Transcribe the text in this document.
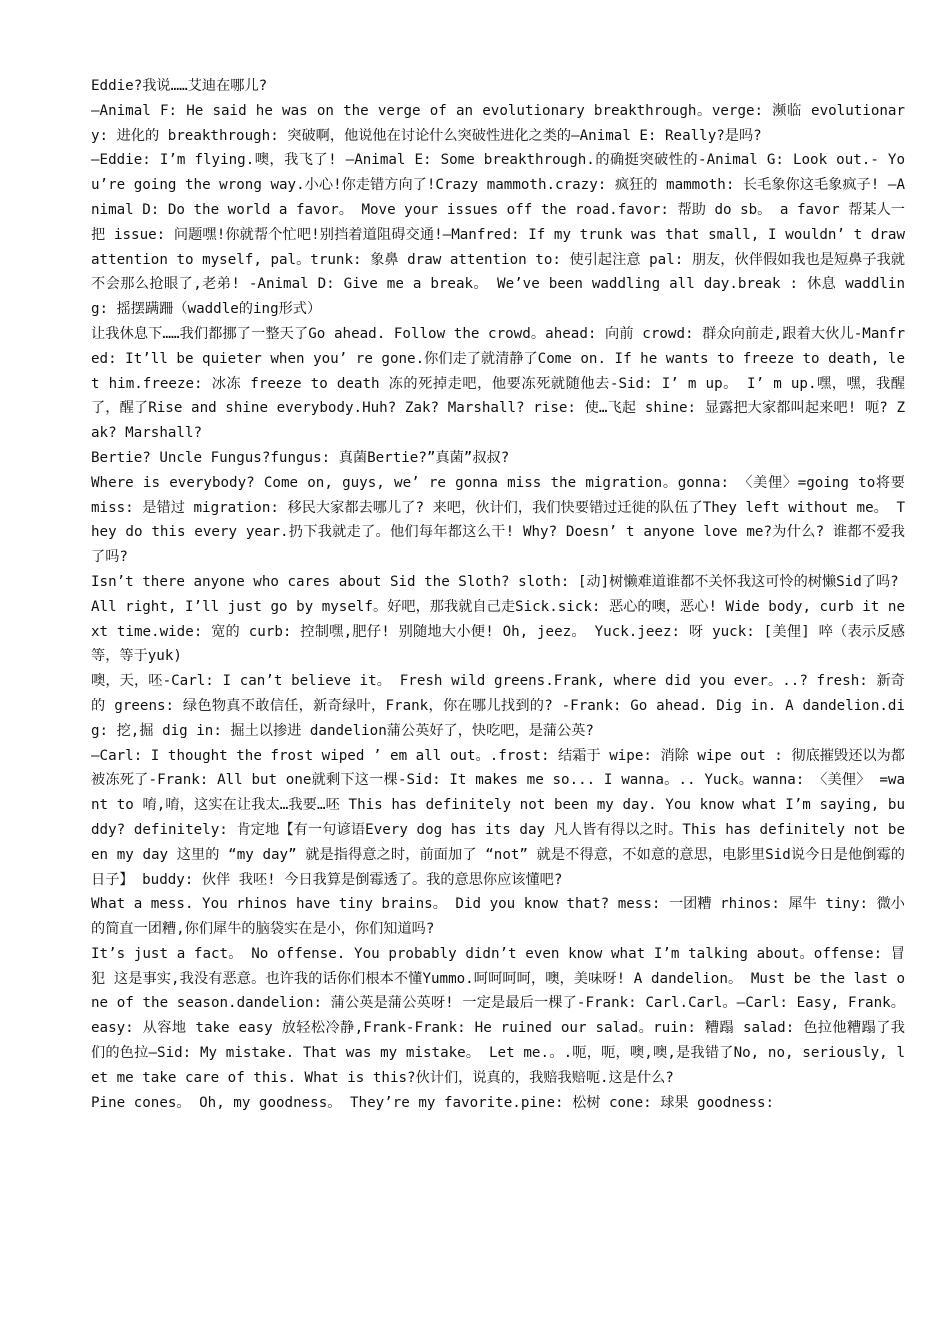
Eddie?我说……艾迪在哪儿?

—Animal F: He said he was on the verge of an evolutionary breakthrough。verge: 濒临 evolutionary: 进化的 breakthrough: 突破啊，他说他在讨论什么突破性进化之类的—Animal E: Really?是吗?

—Eddie: I’m flying.噢，我飞了! —Animal E: Some breakthrough.的确挺突破性的-Animal G: Look out.- You’re going the wrong way.小心!你走错方向了!Crazy mammoth.crazy: 疯狂的 mammoth: 长毛象你这毛象疯子! —Animal D: Do the world a favor。 Move your issues off the road.favor: 帮助 do sb。 a favor 帮某人一把 issue: 问题嘿!你就帮个忙吧!别挡着道阻碍交通!—Manfred: If my trunk was that small, I wouldn’ t draw attention to myself, pal。trunk: 象鼻 draw attention to: 使引起注意 pal: 朋友，伙伴假如我也是短鼻子我就不会那么抢眼了,老弟! -Animal D: Give me a break。 We’ve been waddling all day.break : 休息 waddling: 摇摆蹒跚（waddle的ing形式）

让我休息下……我们都挪了一整天了Go ahead. Follow the crowd。ahead: 向前 crowd: 群众向前走,跟着大伙儿-Manfred: It’ll be quieter when you’ re gone.你们走了就清静了Come on. If he wants to freeze to death, let him.freeze: 冰冻 freeze to death 冻的死掉走吧，他要冻死就随他去-Sid: I’ m up。 I’ m up.嘿，嘿，我醒了，醒了Rise and shine everybody.Huh? Zak? Marshall? rise: 使…飞起 shine: 显露把大家都叫起来吧! 呃? Zak? Marshall?

Bertie? Uncle Fungus?fungus: 真菌Bertie?”真菌”叔叔?

Where is everybody? Come on, guys, we’ re gonna miss the migration。gonna: 〈美俚〉=going to将要 miss: 是错过 migration: 移民大家都去哪儿了? 来吧，伙计们，我们快要错过迁徙的队伍了They left without me。 They do this every year.扔下我就走了。他们每年都这么干! Why? Doesn’ t anyone love me?为什么? 谁都不爱我了吗?

Isn’t there anyone who cares about Sid the Sloth? sloth: [动]树懒难道谁都不关怀我这可怜的树懒Sid了吗?

All right, I’ll just go by myself。好吧，那我就自己走Sick.sick: 恶心的噢，恶心! Wide body, curb it next time.wide: 宽的 curb: 控制嘿,肥仔! 别随地大小便! Oh, jeez。 Yuck.jeez: 呀 yuck: [美俚] 啐（表示反感等，等于yuk)

噢，天，呸-Carl: I can’t believe it。 Fresh wild greens.Frank, where did you ever。..? fresh: 新奇的 greens: 绿色物真不敢信任，新奇绿叶，Frank，你在哪儿找到的? -Frank: Go ahead. Dig in. A dandelion.dig: 挖,掘 dig in: 掘土以掺进 dandelion蒲公英好了，快吃吧，是蒲公英?

—Carl: I thought the frost wiped ’ em all out。.frost: 结霜于 wipe: 消除 wipe out : 彻底摧毁还以为都被冻死了-Frank: All but one就剩下这一棵-Sid: It makes me so... I wanna。.. Yuck。wanna: 〈美俚〉 =want to 唷,唷，这实在让我太…我要…呸 This has definitely not been my day. You know what I’m saying, buddy? definitely: 肯定地【有一句谚语Every dog has its day 凡人皆有得以之时。This has definitely not been my day 这里的 “my day” 就是指得意之时，前面加了 “not” 就是不得意，不如意的意思，电影里Sid说今日是他倒霉的日子】 buddy: 伙伴 我呸! 今日我算是倒霉透了。我的意思你应该懂吧?

What a mess. You rhinos have tiny brains。 Did you know that? mess: 一团糟 rhinos: 犀牛 tiny: 微小的简直一团糟,你们犀牛的脑袋实在是小，你们知道吗?

It’s just a fact。 No offense. You probably didn’t even know what I’m talking about。offense: 冒犯 这是事实,我没有恶意。也许我的话你们根本不懂Yummo.呵呵呵呵，噢，美味呀! A dandelion。 Must be the last one of the season.dandelion: 蒲公英是蒲公英呀! 一定是最后一棵了-Frank: Carl.Carl。—Carl: Easy, Frank。easy: 从容地 take easy 放轻松冷静,Frank-Frank: He ruined our salad。ruin: 糟蹋 salad: 色拉他糟蹋了我们的色拉—Sid: My mistake. That was my mistake。 Let me.。.呃，呃，噢,噢,是我错了No, no, seriously, let me take care of this. What is this?伙计们，说真的，我赔我赔呃.这是什么?

Pine cones。 Oh, my goodness。 They’re my favorite.pine: 松树 cone: 球果 goodness:
